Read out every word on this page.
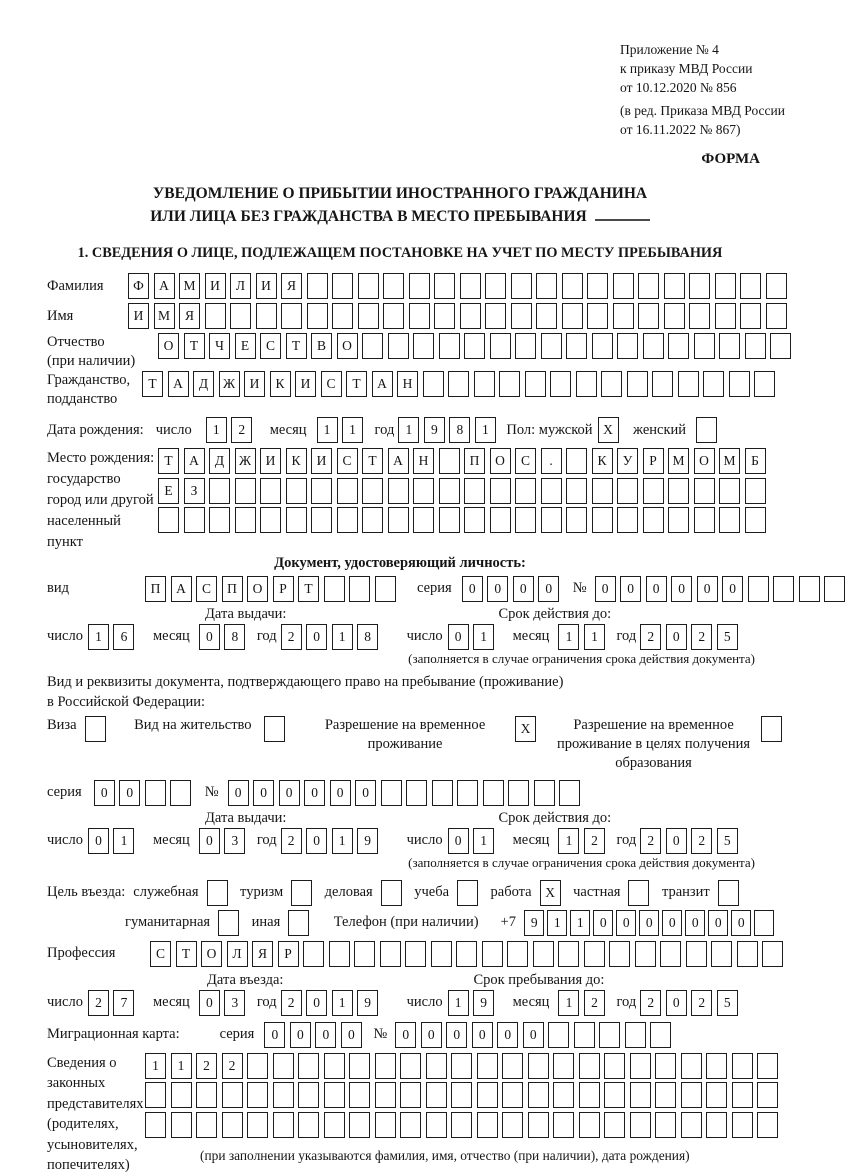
Приложение № 4
к приказу МВД России
от 10.12.2020 № 856
(в ред. Приказа МВД России
от 16.11.2022 № 867)
ФОРМА
УВЕДОМЛЕНИЕ О ПРИБЫТИИ ИНОСТРАННОГО ГРАЖДАНИНА
ИЛИ ЛИЦА БЕЗ ГРАЖДАНСТВА В МЕСТО ПРЕБЫВАНИЯ
1. СВЕДЕНИЯ О ЛИЦЕ, ПОДЛЕЖАЩЕМ ПОСТАНОВКЕ НА УЧЕТ ПО МЕСТУ ПРЕБЫВАНИЯ
Фамилия	Ф	А	М	И	Л	И	Я
Имя	И	М	Я
Отчество
(при наличии)
О	Т	Ч	Е	С	Т	В	О
Гражданство,
подданство
Т	А	Д	Ж	И	К	И	С	Т	А	Н
Дата рождения: число	1	2	месяц	1	1	год 1	9	8	1	Пол: мужской X	женский
Место рождения:
государство
город или другой
населенный пункт
Т	А	Д	Ж	И	К	И	С	Т	А	Н	П	О	С	.	К	У	Р	М	О	М	Б
Е	З
Документ, удостоверяющий личность:
вид	П	А	С	П	О	Р	Т	серия	0	0	0	0	№	0	0	0	0	0	0
Дата выдачи:	Срок действия до:
число 1	6	месяц	0	8	год 2	0	1	8	число 0	1	месяц	1	1	год 2	0	2	5
(заполняется в случае ограничения срока действия документа)
Вид и реквизиты документа, подтверждающего право на пребывание (проживание)
в Российской Федерации:
Виза	Вид на жительство	Разрешение на временное проживание
X	Разрешение на временное проживание в целях получения образования
серия	0	0	№	0	0	0	0	0	0
Дата выдачи:	Срок действия до:
число 0	1	месяц	0	3	год 2	0	1	9	число 0	1	месяц	1	2	год 2	0	2	5
(заполняется в случае ограничения срока действия документа)
Цель въезда: служебная	туризм	деловая	учеба	работа	X	частная	транзит
гуманитарная	иная	Телефон (при наличии) +7	9	1	1	0	0	0	0	0	0	0
Профессия	С	Т	О	Л	Я	Р
Дата въезда:	Срок пребывания до:
число 2	7	месяц	0	3	год 2	0	1	9	число 1	9	месяц	1	2	год 2	0	2	5
Миграционная карта:	серия	0	0	0	0	№	0	0	0	0	0	0
Сведения о
законных
представителях
(родителях,
усыновителях,
попечителях)
1	1	2	2
(при заполнении указываются фамилия, имя, отчество (при наличии), дата рождения)
